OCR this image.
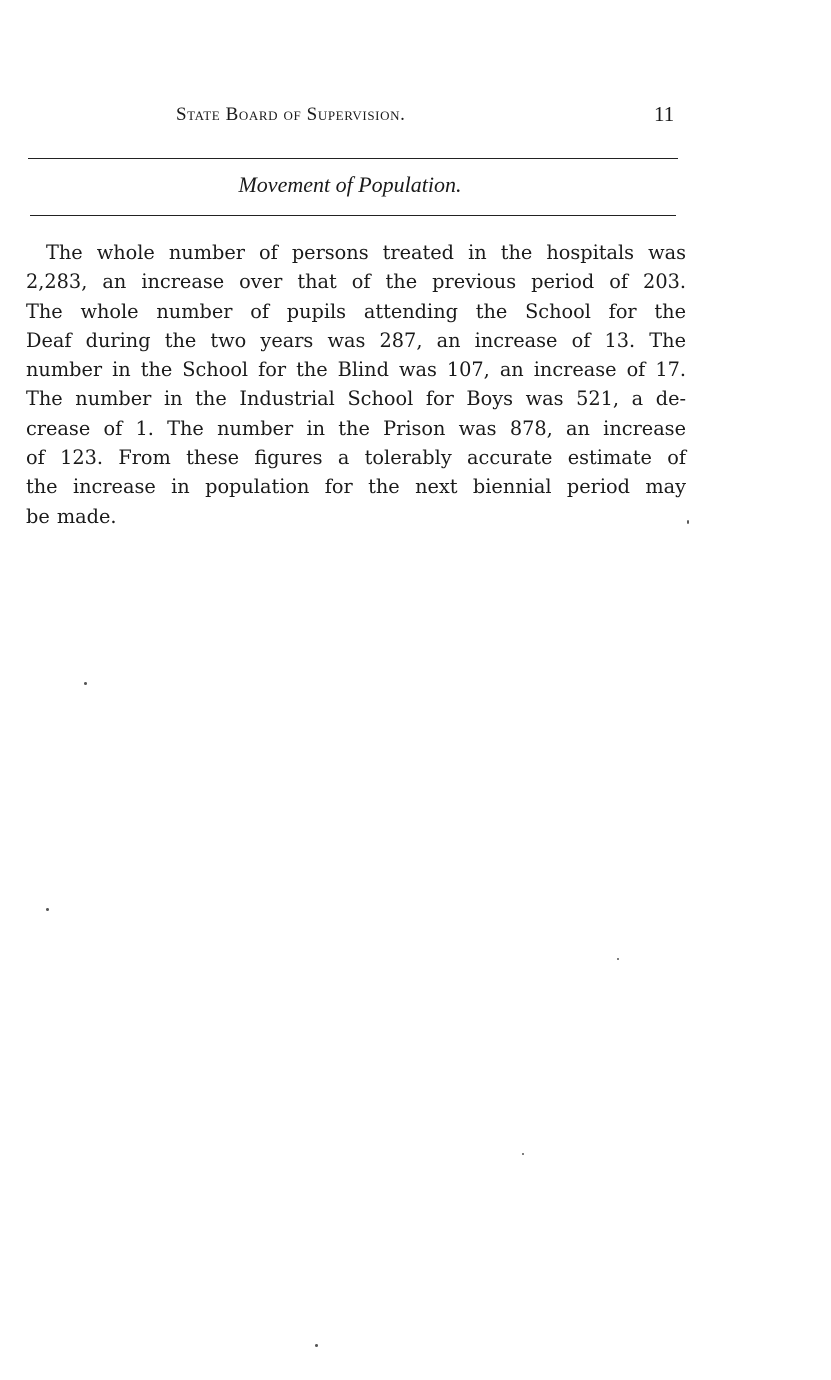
State Board of Supervision.	11
Movement of Population.
The whole number of persons treated in the hospitals was
2,283, an increase over that of the previous period of 203.
The whole number of pupils attending the School for the
Deaf during the two years was 287, an increase of 13. The
number in the School for the Blind was 107, an increase of 17.
The number in the Industrial School for Boys was 521, a de-
crease of 1. The number in the Prison was 878, an increase
of 123. From these figures a tolerably accurate estimate of
the increase in population for the next biennial period may
be made.
